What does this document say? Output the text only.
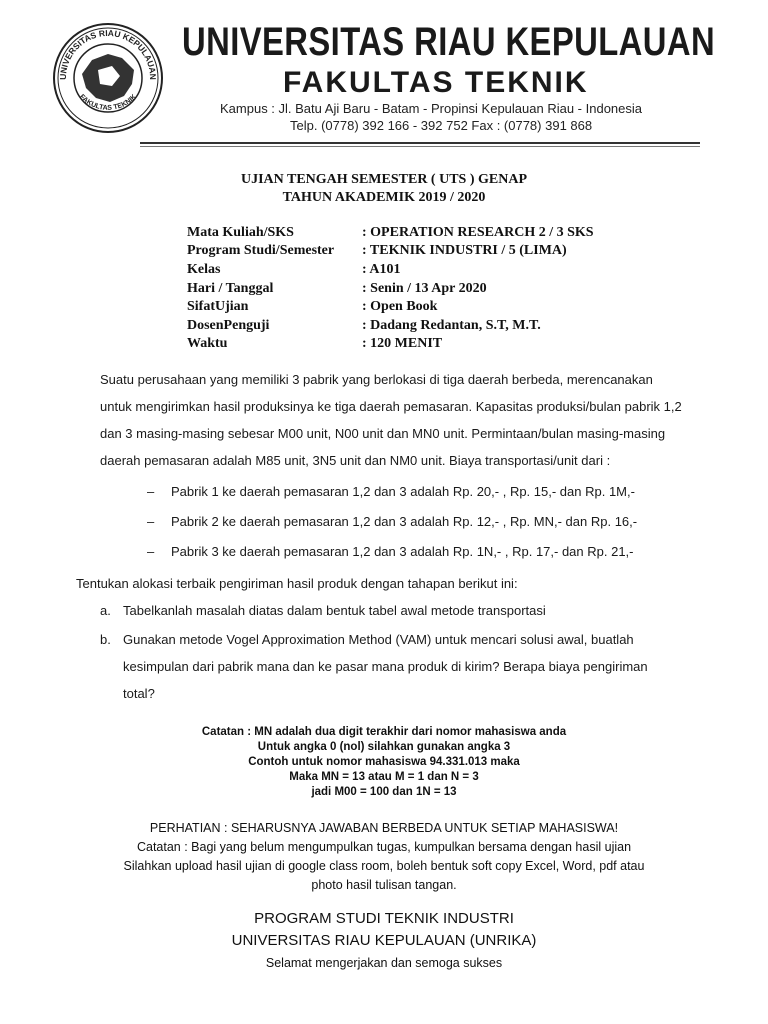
UNIVERSITAS RIAU KEPULAUAN
FAKULTAS TEKNIK
UNIVERSITAS RIAU KEPULAUAN
FAKULTAS TEKNIK
Kampus : Jl. Batu Aji Baru - Batam - Propinsi Kepulauan Riau - Indonesia
Telp. (0778) 392 166 - 392 752 Fax : (0778) 391 868
UJIAN TENGAH SEMESTER ( UTS ) GENAP
TAHUN AKADEMIK 2019 / 2020
Mata Kuliah/SKS	: OPERATION RESEARCH 2 / 3 SKS
Program Studi/Semester : TEKNIK INDUSTRI / 5 (LIMA)
Kelas	: A101
Hari / Tanggal	: Senin / 13 Apr 2020
SifatUjian	: Open Book
DosenPenguji	: Dadang Redantan, S.T, M.T.
Waktu	: 120 MENIT
Suatu perusahaan yang memiliki 3 pabrik yang berlokasi di tiga daerah berbeda, merencanakan
untuk mengirimkan hasil produksinya ke tiga daerah pemasaran. Kapasitas produksi/bulan pabrik 1,2
dan 3 masing-masing sebesar M00 unit, N00 unit dan MN0 unit. Permintaan/bulan masing-masing
daerah pemasaran adalah M85 unit, 3N5 unit dan NM0 unit. Biaya transportasi/unit dari :
– Pabrik 1 ke daerah pemasaran 1,2 dan 3 adalah Rp. 20,- , Rp. 15,- dan Rp. 1M,-
– Pabrik 2 ke daerah pemasaran 1,2 dan 3 adalah Rp. 12,- , Rp. MN,- dan Rp. 16,-
– Pabrik 3 ke daerah pemasaran 1,2 dan 3 adalah Rp. 1N,- , Rp. 17,- dan Rp. 21,-
Tentukan alokasi terbaik pengiriman hasil produk dengan tahapan berikut ini:
a. Tabelkanlah masalah diatas dalam bentuk tabel awal metode transportasi
b. Gunakan metode Vogel Approximation Method (VAM) untuk mencari solusi awal, buatlah
kesimpulan dari pabrik mana dan ke pasar mana produk di kirim? Berapa biaya pengiriman
total?
Catatan : MN adalah dua digit terakhir dari nomor mahasiswa anda
Untuk angka 0 (nol) silahkan gunakan angka 3
Contoh untuk nomor mahasiswa 94.331.013 maka
Maka MN = 13 atau M = 1 dan N = 3
jadi M00 = 100 dan 1N = 13
PERHATIAN : SEHARUSNYA JAWABAN BERBEDA UNTUK SETIAP MAHASISWA!
Catatan : Bagi yang belum mengumpulkan tugas, kumpulkan bersama dengan hasil ujian
Silahkan upload hasil ujian di google class room, boleh bentuk soft copy Excel, Word, pdf atau
photo hasil tulisan tangan.
PROGRAM STUDI TEKNIK INDUSTRI
UNIVERSITAS RIAU KEPULAUAN (UNRIKA)
Selamat mengerjakan dan semoga sukses
